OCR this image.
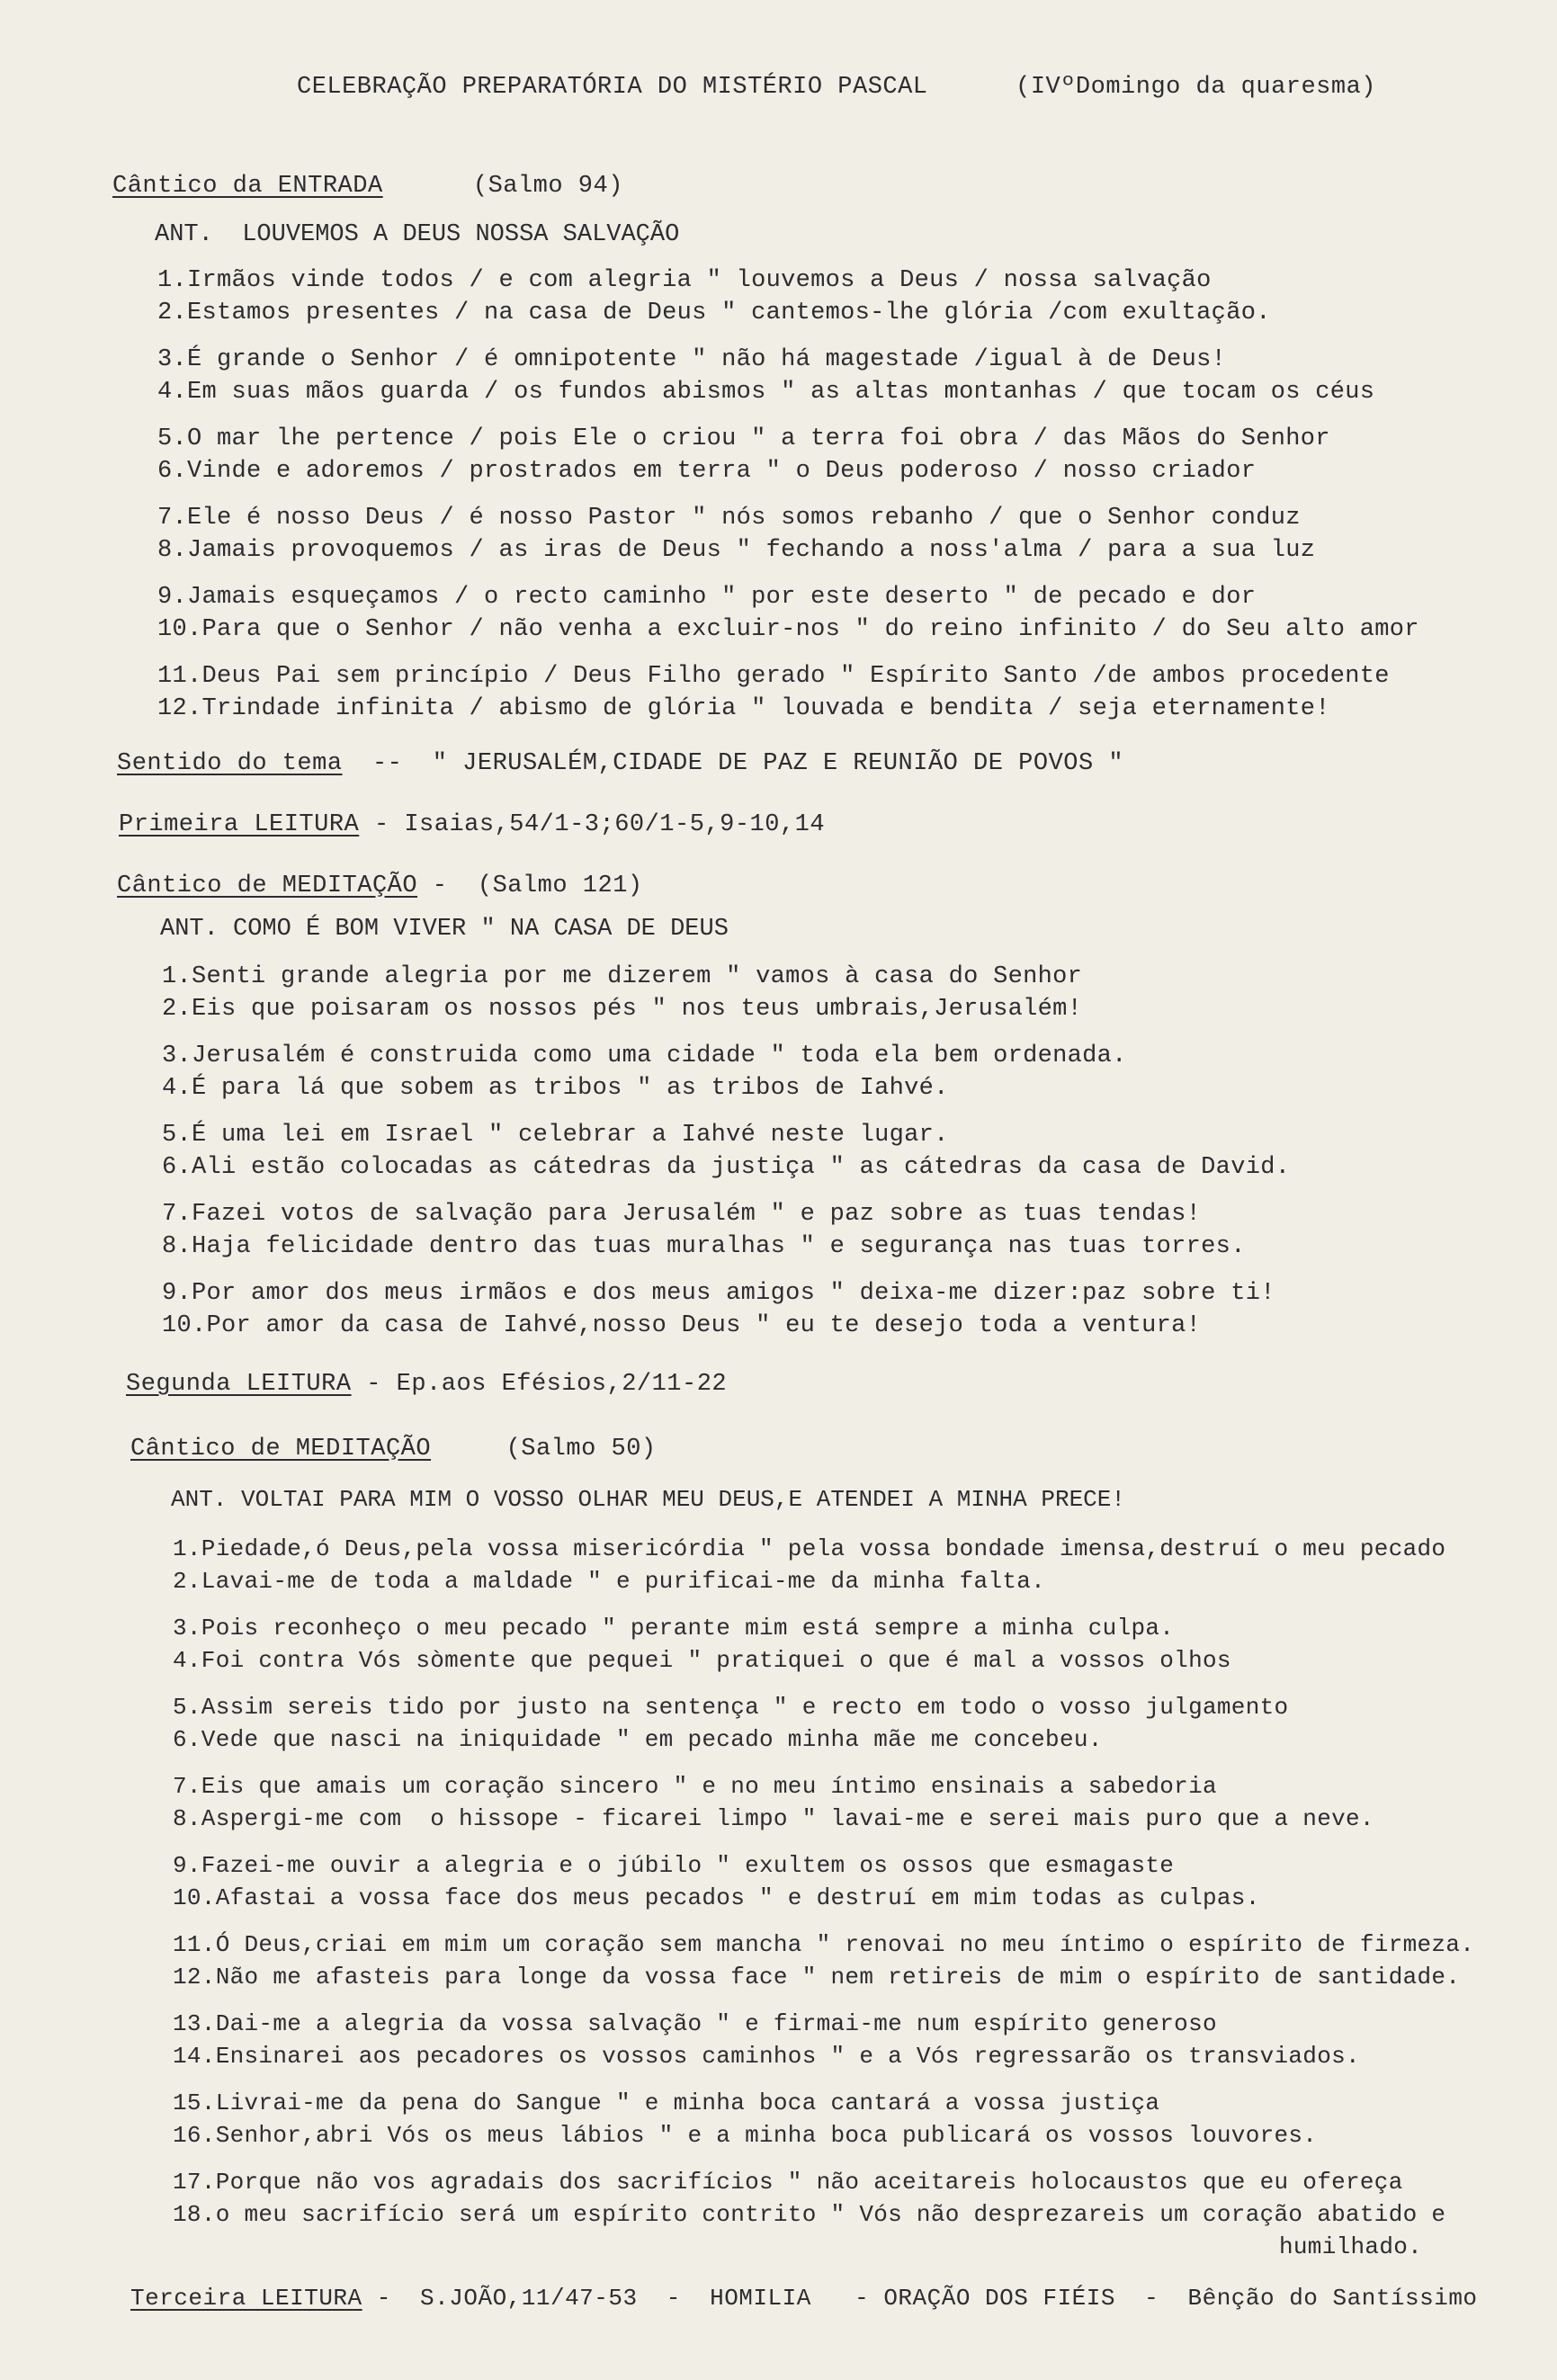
CELEBRAÇÃO PREPARATÓRIA DO MISTÉRIO PASCAL	(IVºDomingo da quaresma)
Cântico da ENTRADA	(Salmo 94)
ANT.  LOUVEMOS A DEUS NOSSA SALVAÇÃO
1.Irmãos vinde todos / e com alegria " louvemos a Deus / nossa salvação
2.Estamos presentes / na casa de Deus " cantemos-lhe glória /com exultação.
3.É grande o Senhor / é omnipotente " não há magestade /igual à de Deus!
4.Em suas mãos guarda / os fundos abismos " as altas montanhas / que tocam os céus
5.O mar lhe pertence / pois Ele o criou " a terra foi obra / das Mãos do Senhor
6.Vinde e adoremos / prostrados em terra " o Deus poderoso / nosso criador
7.Ele é nosso Deus / é nosso Pastor " nós somos rebanho / que o Senhor conduz
8.Jamais provoquemos / as iras de Deus " fechando a noss'alma / para a sua luz
9.Jamais esqueçamos / o recto caminho " por este deserto " de pecado e dor
10.Para que o Senhor / não venha a excluir-nos " do reino infinito / do Seu alto amor
11.Deus Pai sem princípio / Deus Filho gerado " Espírito Santo /de ambos procedente
12.Trindade infinita / abismo de glória " louvada e bendita / seja eternamente!
Sentido do tema  --  " JERUSALÉM,CIDADE DE PAZ E REUNIÃO DE POVOS "
Primeira LEITURA - Isaias,54/1-3;60/1-5,9-10,14
Cântico de MEDITAÇÃO -  (Salmo 121)
ANT. COMO É BOM VIVER " NA CASA DE DEUS
1.Senti grande alegria por me dizerem " vamos à casa do Senhor
2.Eis que poisaram os nossos pés " nos teus umbrais,Jerusalém!
3.Jerusalém é construida como uma cidade " toda ela bem ordenada.
4.É para lá que sobem as tribos " as tribos de Iahvé.
5.É uma lei em Israel " celebrar a Iahvé neste lugar.
6.Ali estão colocadas as cátedras da justiça " as cátedras da casa de David.
7.Fazei votos de salvação para Jerusalém " e paz sobre as tuas tendas!
8.Haja felicidade dentro das tuas muralhas " e segurança nas tuas torres.
9.Por amor dos meus irmãos e dos meus amigos " deixa-me dizer:paz sobre ti!
10.Por amor da casa de Iahvé,nosso Deus " eu te desejo toda a ventura!
Segunda LEITURA - Ep.aos Efésios,2/11-22
Cântico de MEDITAÇÃO	(Salmo 50)
ANT. VOLTAI PARA MIM O VOSSO OLHAR MEU DEUS,E ATENDEI A MINHA PRECE!
1.Piedade,ó Deus,pela vossa misericórdia " pela vossa bondade imensa,destruí o meu pecado
2.Lavai-me de toda a maldade " e purificai-me da minha falta.
3.Pois reconheço o meu pecado " perante mim está sempre a minha culpa.
4.Foi contra Vós sòmente que pequei " pratiquei o que é mal a vossos olhos
5.Assim sereis tido por justo na sentença " e recto em todo o vosso julgamento
6.Vede que nasci na iniquidade " em pecado minha mãe me concebeu.
7.Eis que amais um coração sincero " e no meu íntimo ensinais a sabedoria
8.Aspergi-me com  o hissope - ficarei limpo " lavai-me e serei mais puro que a neve.
9.Fazei-me ouvir a alegria e o júbilo " exultem os ossos que esmagaste
10.Afastai a vossa face dos meus pecados " e destruí em mim todas as culpas.
11.Ó Deus,criai em mim um coração sem mancha " renovai no meu íntimo o espírito de firmeza.
12.Não me afasteis para longe da vossa face " nem retireis de mim o espírito de santidade.
13.Dai-me a alegria da vossa salvação " e firmai-me num espírito generoso
14.Ensinarei aos pecadores os vossos caminhos " e a Vós regressarão os transviados.
15.Livrai-me da pena do Sangue " e minha boca cantará a vossa justiça
16.Senhor,abri Vós os meus lábios " e a minha boca publicará os vossos louvores.
17.Porque não vos agradais dos sacrifícios " não aceitareis holocaustos que eu ofereça
18.o meu sacrifício será um espírito contrito " Vós não desprezareis um coração abatido e
humilhado.
Terceira LEITURA -  S.JOÃO,11/47-53  -  HOMILIA   - ORAÇÃO DOS FIÉIS  -  Bênção do Santíssimo
